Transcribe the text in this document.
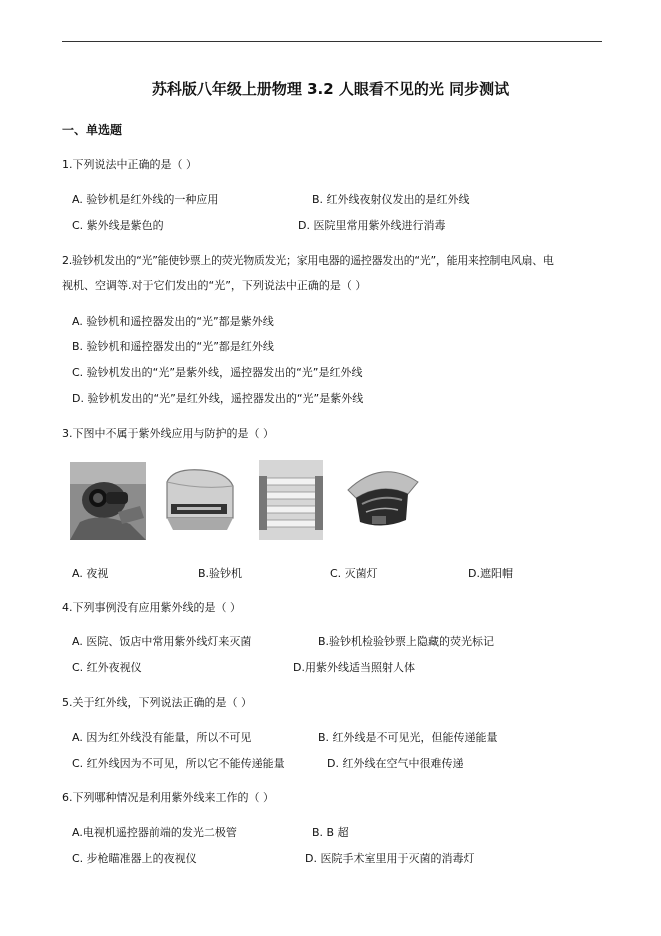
苏科版八年级上册物理 3.2 人眼看不见的光 同步测试
一、单选题
1.下列说法中正确的是（ ）
A. 验钞机是红外线的一种应用	B. 红外线夜射仪发出的是红外线
C. 紫外线是紫色的	D. 医院里常用紫外线进行消毒
2.验钞机发出的“光”能使钞票上的荧光物质发光；家用电器的遥控器发出的“光”，能用来控制电风扇、电
视机、空调等.对于它们发出的“光”，下列说法中正确的是（ ）
A. 验钞机和遥控器发出的“光”都是紫外线
B. 验钞机和遥控器发出的“光”都是红外线
C. 验钞机发出的“光”是紫外线，遥控器发出的“光”是红外线
D. 验钞机发出的“光”是红外线，遥控器发出的“光”是紫外线
3.下图中不属于紫外线应用与防护的是（ ）
A. 夜视	B.验钞机	C. 灭菌灯	D.遮阳帽
4.下列事例没有应用紫外线的是（ ）
A. 医院、饭店中常用紫外线灯来灭菌	B.验钞机检验钞票上隐藏的荧光标记
C. 红外夜视仪	D.用紫外线适当照射人体
5.关于红外线，下列说法正确的是（ ）
A. 因为红外线没有能量，所以不可见	B. 红外线是不可见光，但能传递能量
C. 红外线因为不可见，所以它不能传递能量	D. 红外线在空气中很难传递
6.下列哪种情况是利用紫外线来工作的（ ）
A.电视机遥控器前端的发光二极管	B. B 超
C. 步枪瞄准器上的夜视仪	D. 医院手术室里用于灭菌的消毒灯
